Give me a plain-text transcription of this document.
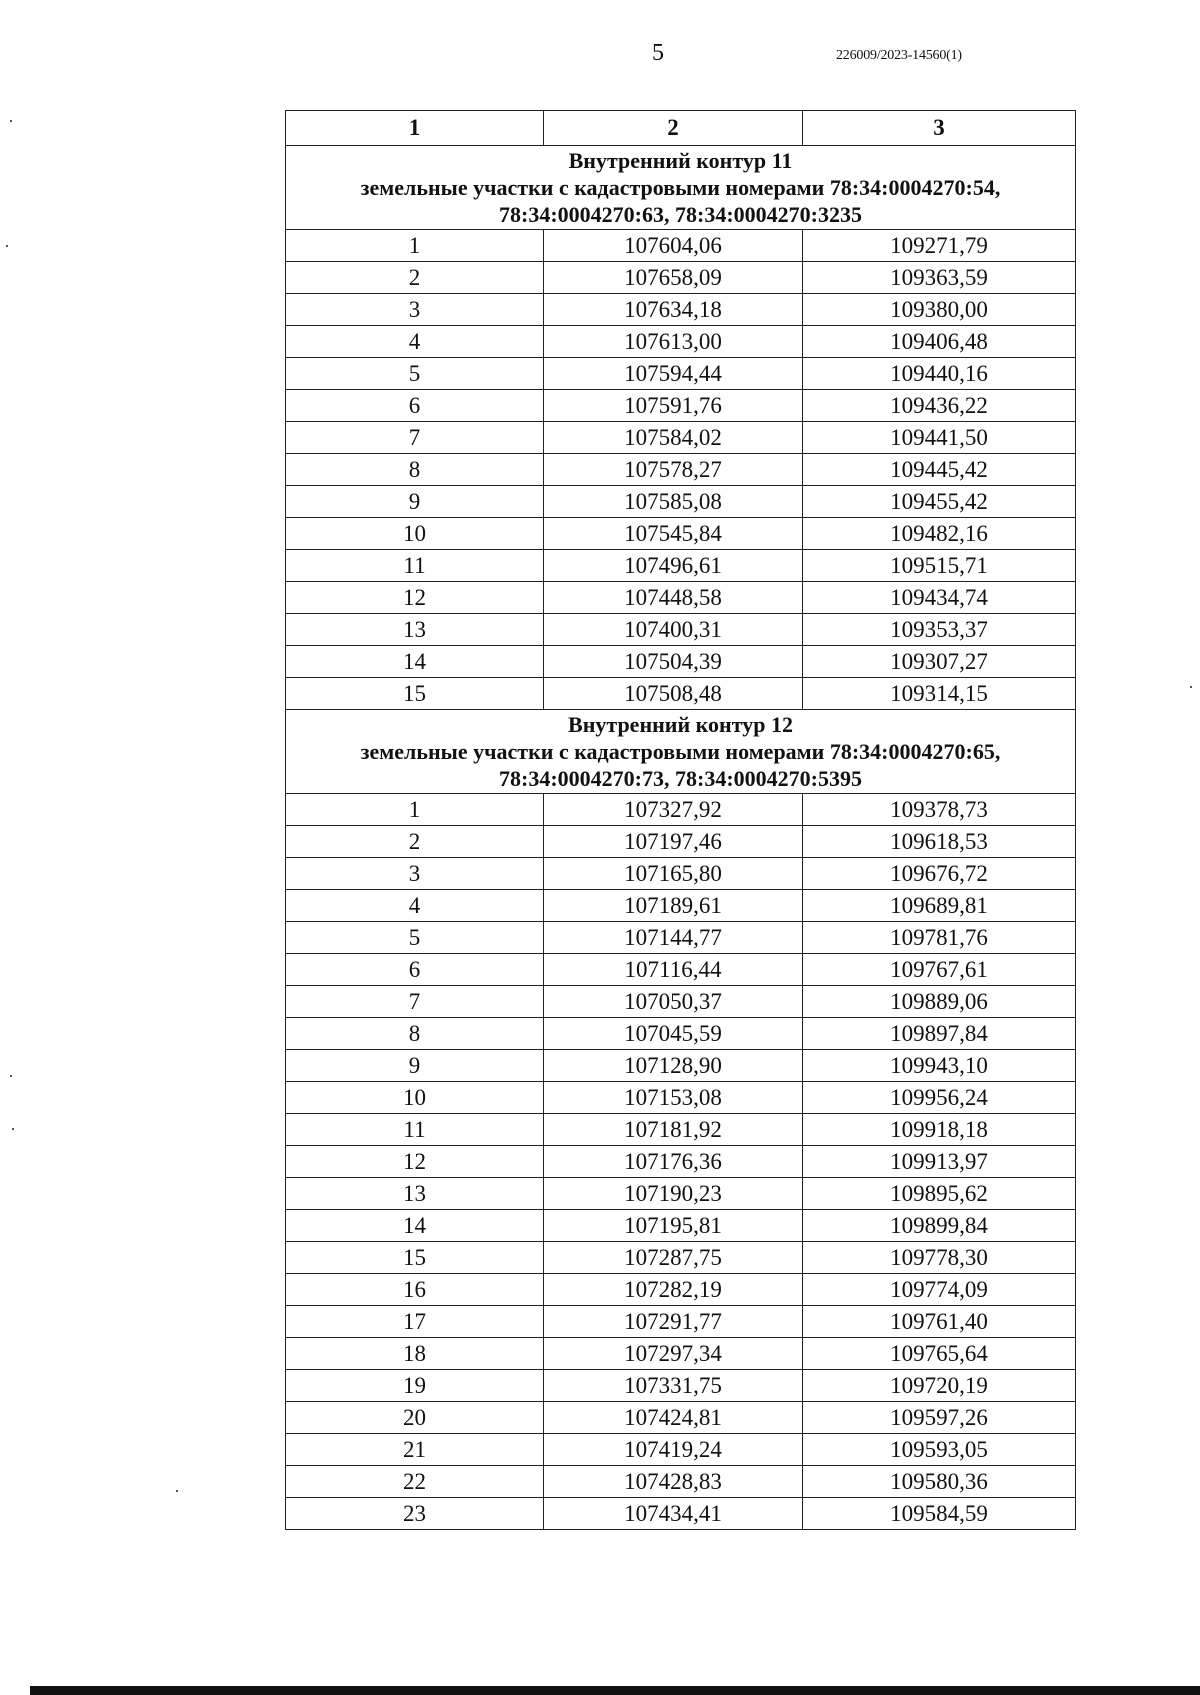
5	226009/2023-14560(1)
1	2	3

Внутренний контур 11
земельные участки с кадастровыми номерами 78:34:0004270:54,
78:34:0004270:63, 78:34:0004270:3235		

1	107604,06	109271,79
2	107658,09	109363,59
3	107634,18	109380,00
4	107613,00	109406,48
5	107594,44	109440,16
6	107591,76	109436,22
7	107584,02	109441,50
8	107578,27	109445,42
9	107585,08	109455,42
10	107545,84	109482,16
11	107496,61	109515,71
12	107448,58	109434,74
13	107400,31	109353,37
14	107504,39	109307,27
15	107508,48	109314,15

Внутренний контур 12
земельные участки с кадастровыми номерами 78:34:0004270:65,
78:34:0004270:73, 78:34:0004270:5395		

1	107327,92	109378,73
2	107197,46	109618,53
3	107165,80	109676,72
4	107189,61	109689,81
5	107144,77	109781,76
6	107116,44	109767,61
7	107050,37	109889,06
8	107045,59	109897,84
9	107128,90	109943,10
10	107153,08	109956,24
11	107181,92	109918,18
12	107176,36	109913,97
13	107190,23	109895,62
14	107195,81	109899,84
15	107287,75	109778,30
16	107282,19	109774,09
17	107291,77	109761,40
18	107297,34	109765,64
19	107331,75	109720,19
20	107424,81	109597,26
21	107419,24	109593,05
22	107428,83	109580,36
23	107434,41	109584,59
